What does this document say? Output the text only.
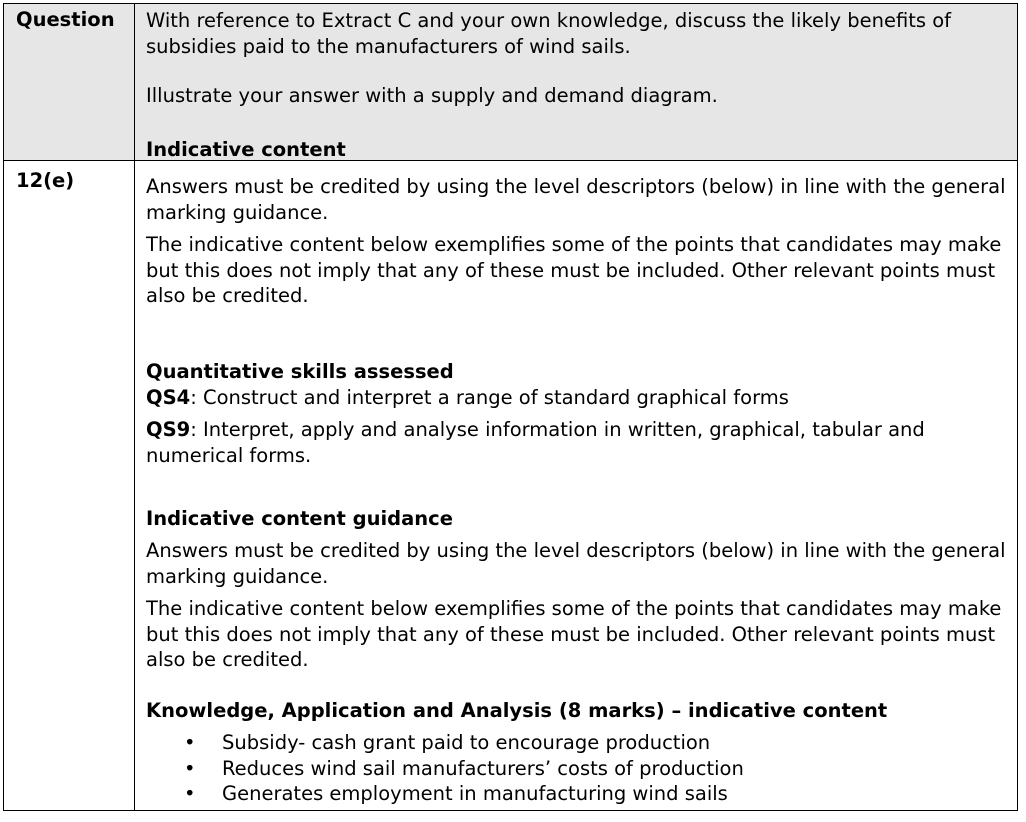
Question With reference to Extract C and your own knowledge, discuss the likely benefits of subsidies paid to the manufacturers of wind sails.

Illustrate your answer with a supply and demand diagram.

Indicative content

12(e)	Answers must be credited by using the level descriptors (below) in line with the general marking guidance.

The indicative content below exemplifies some of the points that candidates may make but this does not imply that any of these must be included. Other relevant points must also be credited.

Quantitative skills assessed

QS4: Construct and interpret a range of standard graphical forms

QS9: Interpret, apply and analyse information in written, graphical, tabular and numerical forms.

Indicative content guidance

Answers must be credited by using the level descriptors (below) in line with the general marking guidance.

The indicative content below exemplifies some of the points that candidates may make but this does not imply that any of these must be included. Other relevant points must also be credited.

Knowledge, Application and Analysis (8 marks) – indicative content

• Subsidy- cash grant paid to encourage production
• Reduces wind sail manufacturers’ costs of production
• Generates employment in manufacturing wind sails
